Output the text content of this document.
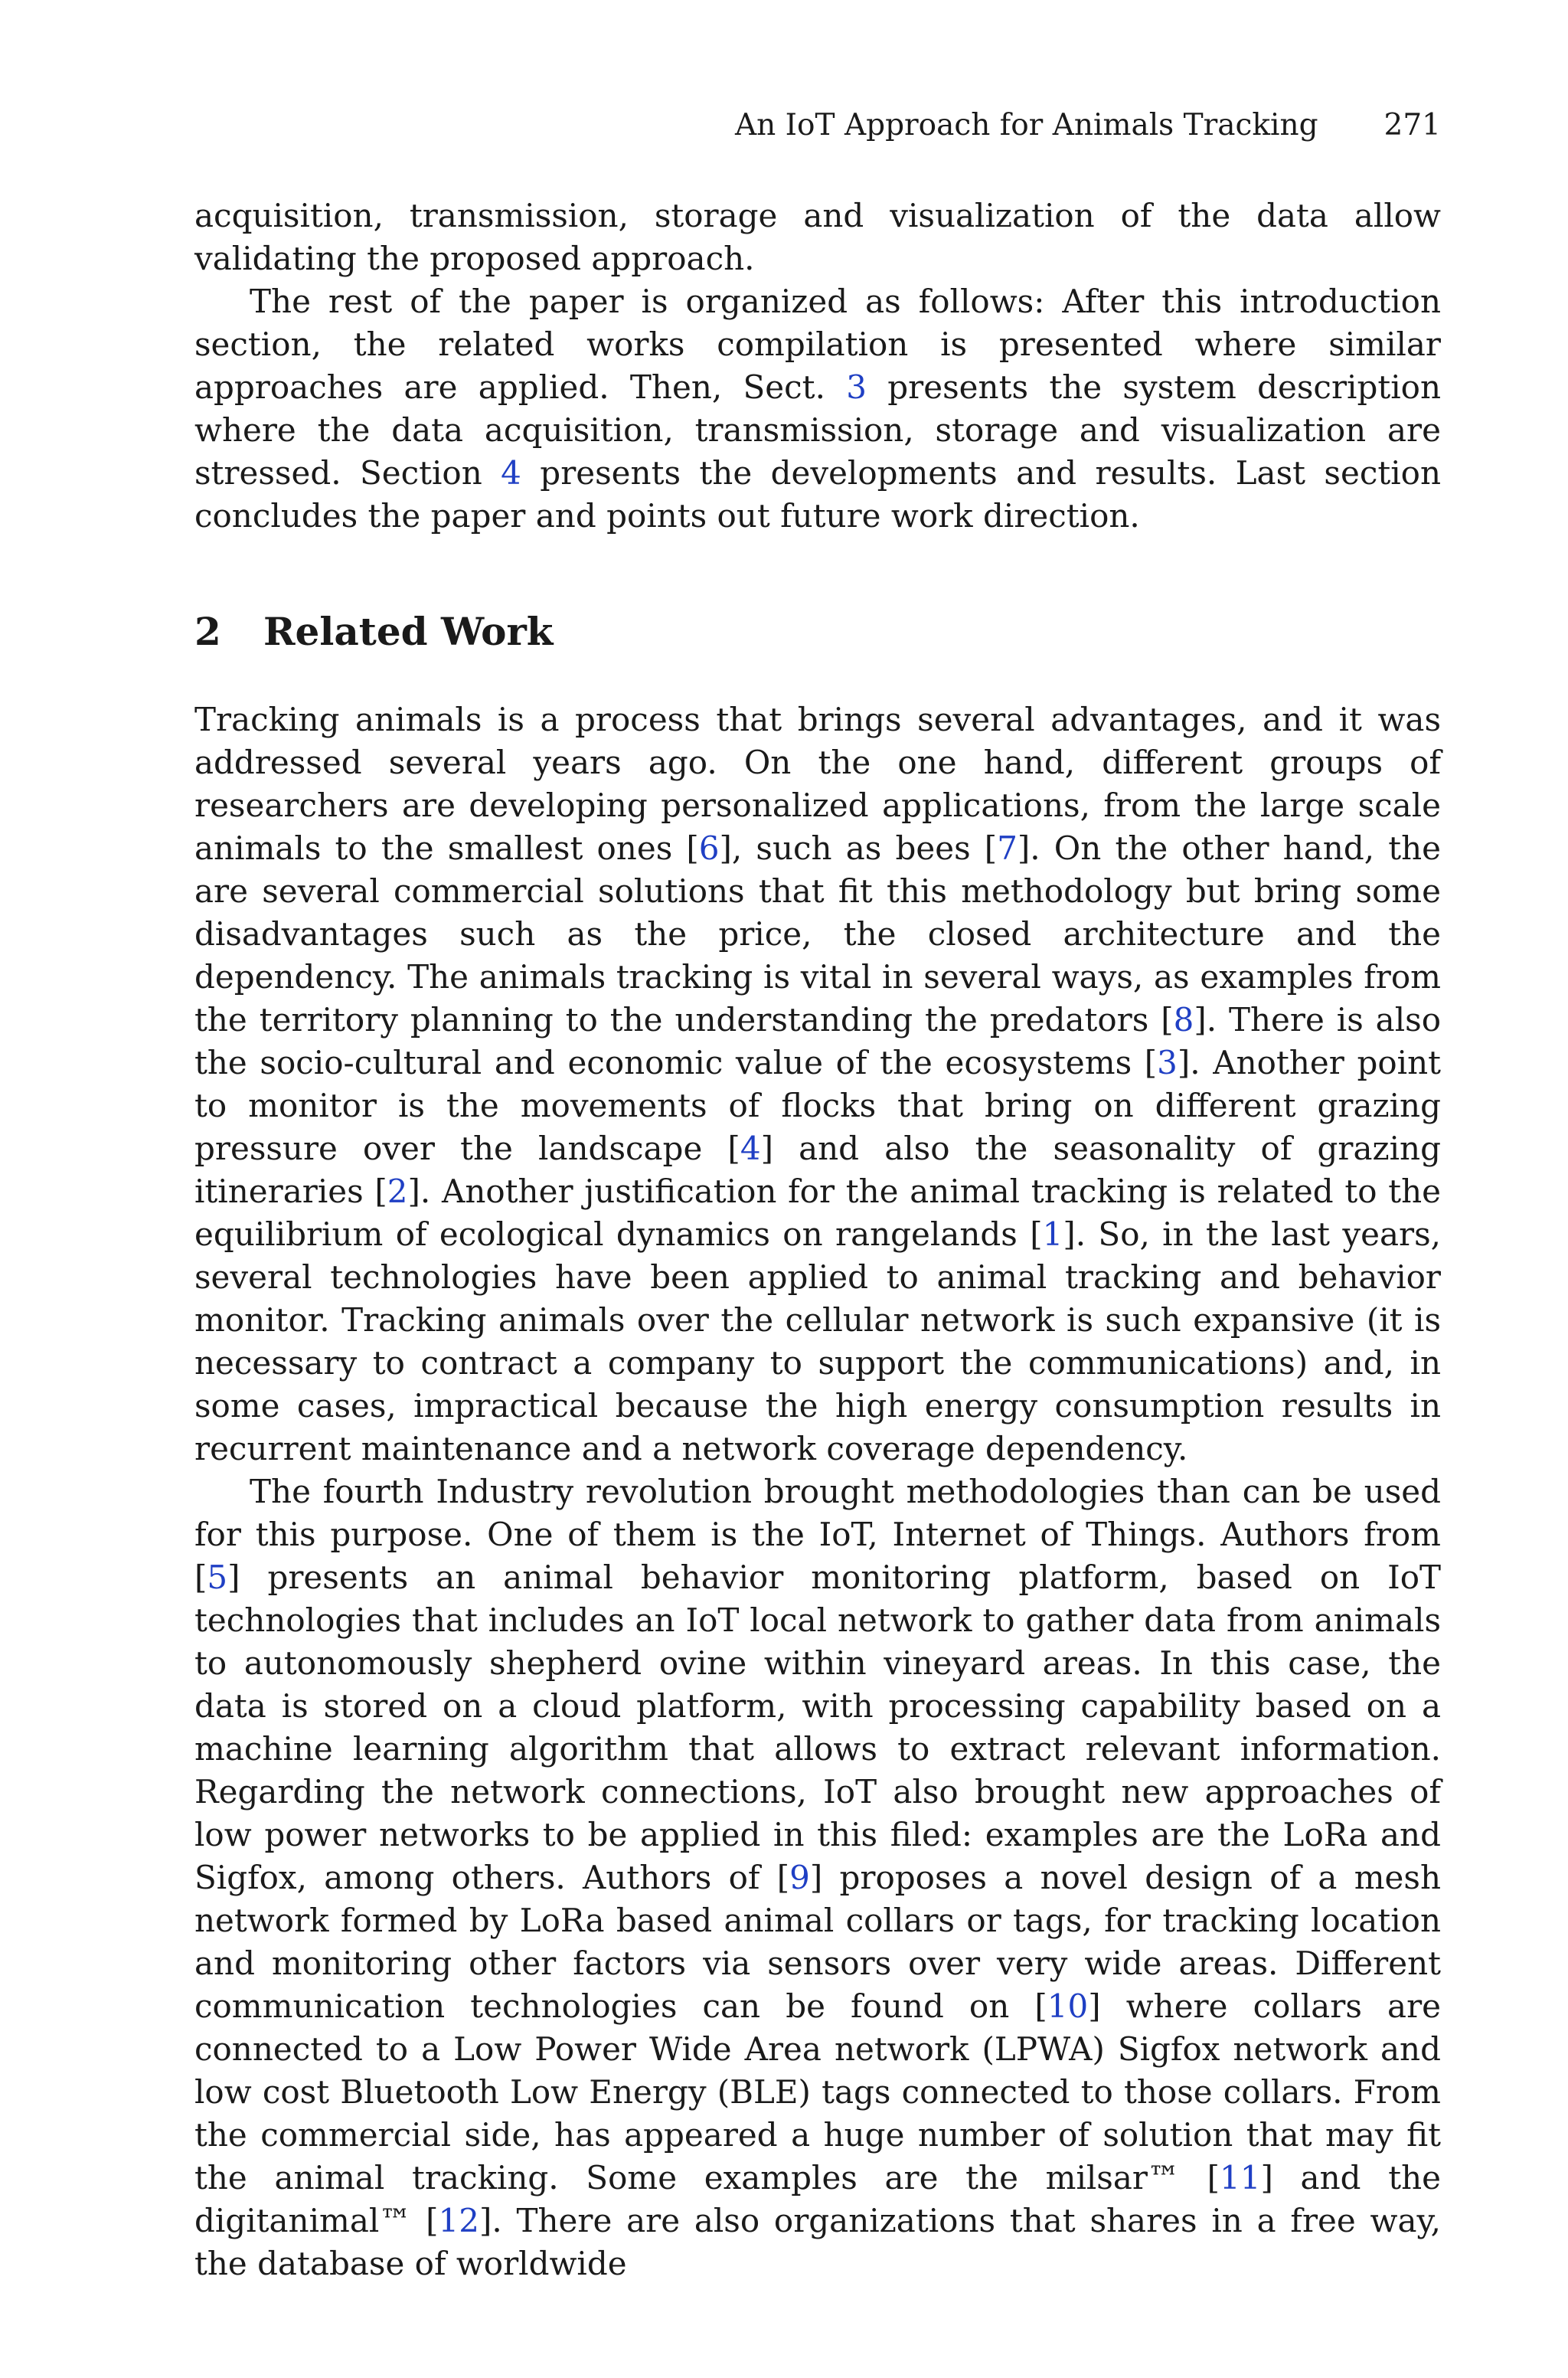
An IoT Approach for Animals Tracking 271

acquisition, transmission, storage and visualization of the data allow validating the proposed approach.

The rest of the paper is organized as follows: After this introduction section, the related works compilation is presented where similar approaches are applied. Then, Sect. 3 presents the system description where the data acquisition, transmission, storage and visualization are stressed. Section 4 presents the developments and results. Last section concludes the paper and points out future work direction.

2 Related Work

Tracking animals is a process that brings several advantages, and it was addressed several years ago. On the one hand, different groups of researchers are developing personalized applications, from the large scale animals to the smallest ones [6], such as bees [7]. On the other hand, the are several commercial solutions that fit this methodology but bring some disadvantages such as the price, the closed architecture and the dependency. The animals tracking is vital in several ways, as examples from the territory planning to the understanding the predators [8]. There is also the socio-cultural and economic value of the ecosystems [3]. Another point to monitor is the movements of flocks that bring on different grazing pressure over the landscape [4] and also the seasonality of grazing itineraries [2]. Another justification for the animal tracking is related to the equilibrium of ecological dynamics on rangelands [1]. So, in the last years, several technologies have been applied to animal tracking and behavior monitor. Tracking animals over the cellular network is such expansive (it is necessary to contract a company to support the communications) and, in some cases, impractical because the high energy consumption results in recurrent maintenance and a network coverage dependency.

The fourth Industry revolution brought methodologies than can be used for this purpose. One of them is the IoT, Internet of Things. Authors from [5] presents an animal behavior monitoring platform, based on IoT technologies that includes an IoT local network to gather data from animals to autonomously shepherd ovine within vineyard areas. In this case, the data is stored on a cloud platform, with processing capability based on a machine learning algorithm that allows to extract relevant information. Regarding the network connections, IoT also brought new approaches of low power networks to be applied in this filed: examples are the LoRa and Sigfox, among others. Authors of [9] proposes a novel design of a mesh network formed by LoRa based animal collars or tags, for tracking location and monitoring other factors via sensors over very wide areas. Different communication technologies can be found on [10] where collars are connected to a Low Power Wide Area network (LPWA) Sigfox network and low cost Bluetooth Low Energy (BLE) tags connected to those collars. From the commercial side, has appeared a huge number of solution that may fit the animal tracking. Some examples are the milsar™ [11] and the digitanimal™ [12]. There are also organizations that shares in a free way, the database of worldwide
